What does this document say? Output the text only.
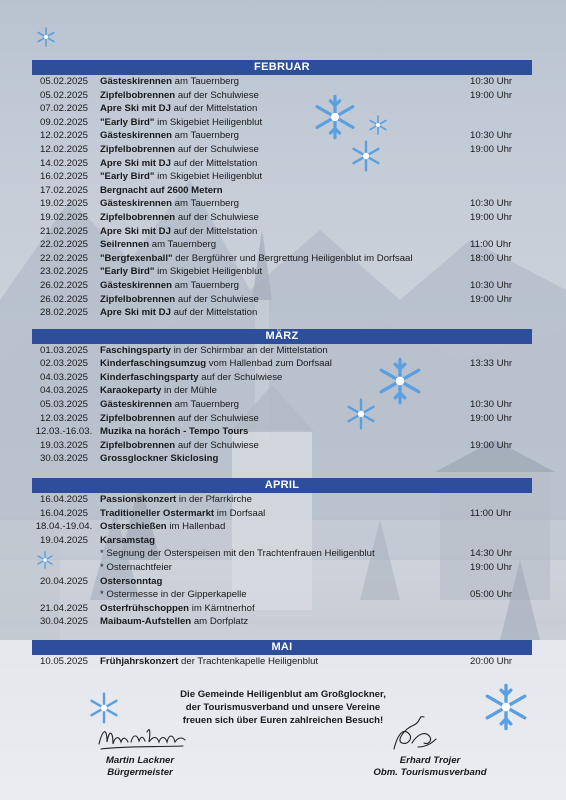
FEBRUAR
05.02.2025	Gästeskirennen am Tauernberg	10:30 Uhr
05.02.2025	Zipfelbobrennen auf der Schulwiese	19:00 Uhr
07.02.2025	Apre Ski mit DJ auf der Mittelstation	
09.02.2025	"Early Bird" im Skigebiet Heiligenblut	
12.02.2025	Gästeskirennen am Tauernberg	10:30 Uhr
12.02.2025	Zipfelbobrennen auf der Schulwiese	19:00 Uhr
14.02.2025	Apre Ski mit DJ auf der Mittelstation	
16.02.2025	"Early Bird" im Skigebiet Heiligenblut	
17.02.2025	Bergnacht auf 2600 Metern	
19.02.2025	Gästeskirennen am Tauernberg	10:30 Uhr
19.02.2025	Zipfelbobrennen auf der Schulwiese	19:00 Uhr
21.02.2025	Apre Ski mit DJ auf der Mittelstation	
22.02.2025	Seilrennen am Tauernberg	11:00 Uhr
22.02.2025	"Bergfexenball" der Bergführer und Bergrettung Heiligenblut im Dorfsaal	18:00 Uhr
23.02.2025	"Early Bird" im Skigebiet Heiligenblut	
26.02.2025	Gästeskirennen am Tauernberg	10:30 Uhr
26.02.2025	Zipfelbobrennen auf der Schulwiese	19:00 Uhr
28.02.2025	Apre Ski mit DJ auf der Mittelstation	
MÄRZ
01.03.2025	Faschingsparty in der Schirmbar an der Mittelstation	
02.03.2025	Kinderfaschingsumzug vom Hallenbad zum Dorfsaal	13:33 Uhr
04.03.2025	Kinderfaschingsparty auf der Schulwiese	
04.03.2025	Karaokeparty in der Mühle	
05.03.2025	Gästeskirennen am Tauernberg	10:30 Uhr
12.03.2025	Zipfelbobrennen auf der Schulwiese	19:00 Uhr
12.03.-16.03.	Muzika na horách - Tempo Tours	
19.03.2025	Zipfelbobrennen auf der Schulwiese	19:00 Uhr
30.03.2025	Grossglockner Skiclosing	
APRIL
16.04.2025	Passionskonzert in der Pfarrkirche	
16.04.2025	Traditioneller Ostermarkt im Dorfsaal	11:00 Uhr
18.04.-19.04.	Osterschießen im Hallenbad	
19.04.2025	Karsamstag	
	* Segnung der Osterspeisen mit den Trachtenfrauen Heiligenblut	14:30 Uhr
	* Osternachtfeier	19:00 Uhr
20.04.2025	Ostersonntag	
	* Ostermesse in der Gipperkapelle	05:00 Uhr
21.04.2025	Osterfrühschoppen im Kärntnerhof	
30.04.2025	Maibaum-Aufstellen am Dorfplatz	
MAI
10.05.2025	Frühjahrskonzert der Trachtenkapelle Heiligenblut	20:00 Uhr
Die Gemeinde Heiligenblut am Großglockner,
der Tourismusverband und unsere Vereine
freuen sich über Euren zahlreichen Besuch!
Martin Lackner
Bürgermeister
Erhard Trojer
Obm. Tourismusverband
